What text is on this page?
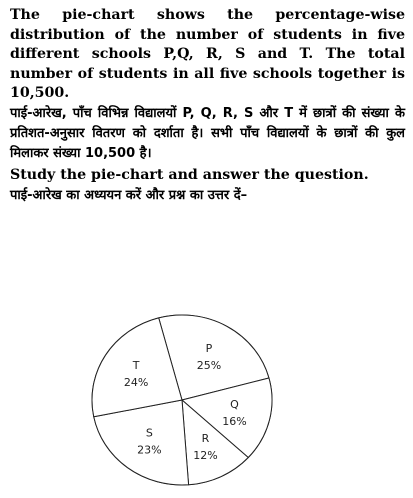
The pie-chart shows the percentage-wise distribution of the number of students in five different schools P,Q, R, S and T. The total number of students in all five schools together is 10,500.

पाई-आरेख, पाँच विभिन्न विद्यालयों P, Q, R, S और T में छात्रों की संख्या के प्रतिशत-अनुसार वितरण को दर्शाता है। सभी पाँच विद्यालयों के छात्रों की कुल मिलाकर संख्या 10,500 है।

Study the pie-chart and answer the question.

पाई-आरेख का अध्ययन करें और प्रश्न का उत्तर दें–

P
25%
Q
16%
R
12%
S
23%
T
24%
